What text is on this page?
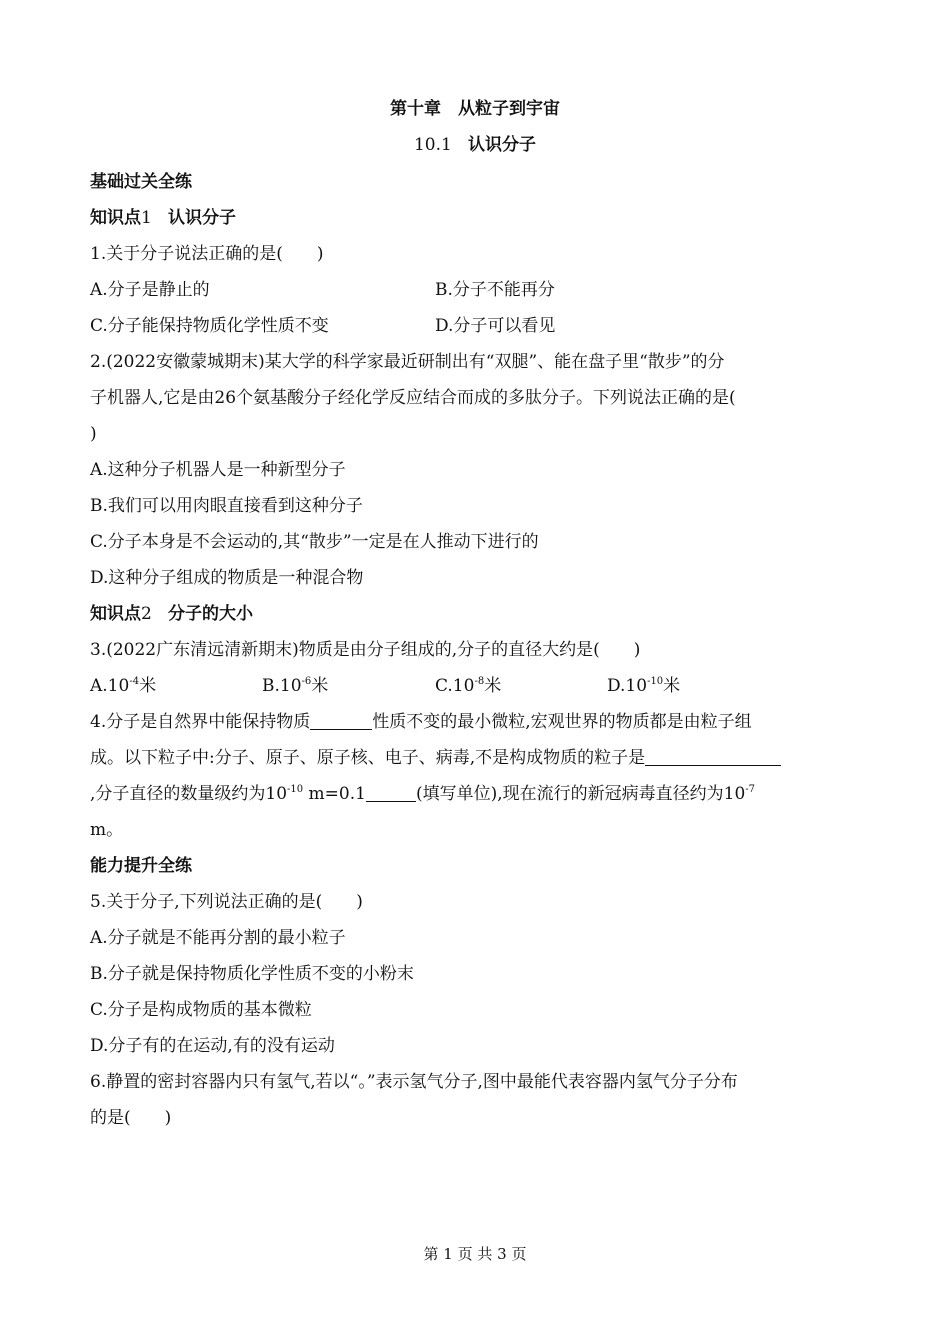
第十章　从粒子到宇宙
10.1 认识分子
基础过关全练
知识点1 认识分子
1.关于分子说法正确的是(　　)
A.分子是静止的	B.分子不能再分
C.分子能保持物质化学性质不变	D.分子可以看见
2.(2022安徽蒙城期末)某大学的科学家最近研制出有“双腿”、能在盘子里“散步”的分
子机器人,它是由26个氨基酸分子经化学反应结合而成的多肽分子。下列说法正确的是(
)
A.这种分子机器人是一种新型分子
B.我们可以用肉眼直接看到这种分子
C.分子本身是不会运动的,其“散步”一定是在人推动下进行的
D.这种分子组成的物质是一种混合物
知识点2 分子的大小
3.(2022广东清远清新期末)物质是由分子组成的,分子的直径大约是(　　)
$A.10^{-4}$米	$B.10^{-6}$米	$C.10^{-8}$米	$D.10^{-10}$米
4.分子是自然界中能保持物质	性质不变的最小微粒,宏观世界的物质都是由粒子组
成。以下粒子中:分子、原子、原子核、电子、病毒,不是构成物质的粒子是
,分子直径的数量级约为$10^{-10}$ m=0.1	(填写单位),现在流行的新冠病毒直径约为$10^{-7}$
m。
能力提升全练
5.关于分子,下列说法正确的是(　　)
A.分子就是不能再分割的最小粒子
B.分子就是保持物质化学性质不变的小粉末
C.分子是构成物质的基本微粒
D.分子有的在运动,有的没有运动
6.静置的密封容器内只有氢气,若以“。”表示氢气分子,图中最能代表容器内氢气分子分布
的是(　　)
第 1 页 共 3 页
